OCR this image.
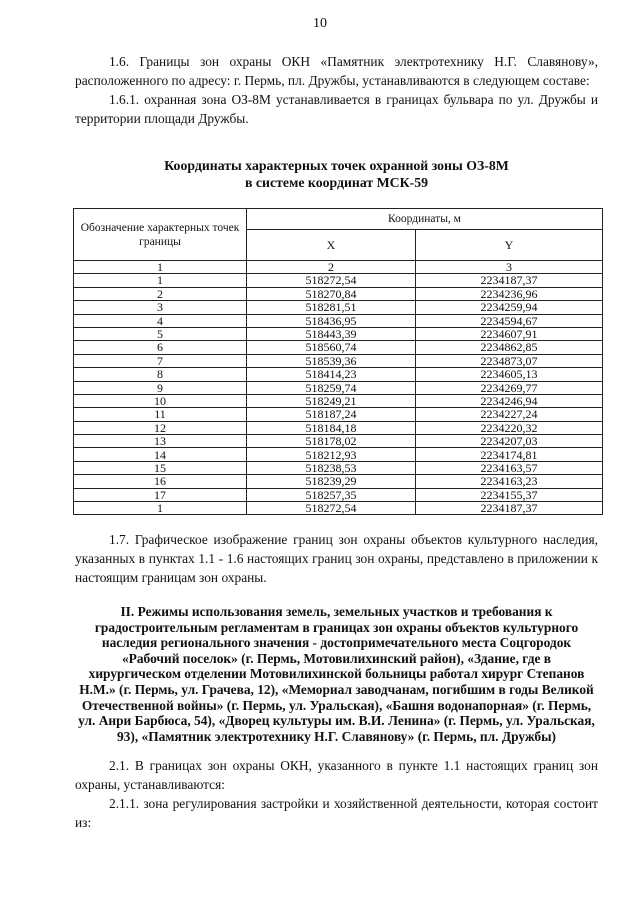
10

1.6. Границы зон охраны ОКН «Памятник электротехнику Н.Г. Славянову», расположенного по адресу: г. Пермь, пл. Дружбы, устанавливаются в следующем составе:

1.6.1. охранная зона ОЗ-8М устанавливается в границах бульвара по ул. Дружбы и территории площади Дружбы.

Координаты характерных точек охранной зоны ОЗ-8М
в системе координат МСК-59
Обозначение характерных точек границы	Координаты, м	
	X	Y
1	2	3
1	518272,54	2234187,37
2	518270,84	2234236,96
3	518281,51	2234259,94
4	518436,95	2234594,67
5	518443,39	2234607,91
6	518560,74	2234862,85
7	518539,36	2234873,07
8	518414,23	2234605,13
9	518259,74	2234269,77
10	518249,21	2234246,94
11	518187,24	2234227,24
12	518184,18	2234220,32
13	518178,02	2234207,03
14	518212,93	2234174,81
15	518238,53	2234163,57
16	518239,29	2234163,23
17	518257,35	2234155,37
1	518272,54	2234187,37

1.7. Графическое изображение границ зон охраны объектов культурного наследия, указанных в пунктах 1.1 - 1.6 настоящих границ зон охраны, представлено в приложении к настоящим границам зон охраны.

II. Режимы использования земель, земельных участков и требования к градостроительным регламентам в границах зон охраны объектов культурного наследия регионального значения - достопримечательного места Соцгородок «Рабочий поселок» (г. Пермь, Мотовилихинский район), «Здание, где в хирургическом отделении Мотовилихинской больницы работал хирург Степанов Н.М.» (г. Пермь, ул. Грачева, 12), «Мемориал заводчанам, погибшим в годы Великой Отечественной войны» (г. Пермь, ул. Уральская), «Башня водонапорная» (г. Пермь, ул. Анри Барбюса, 54), «Дворец культуры им. В.И. Ленина» (г. Пермь, ул. Уральская, 93), «Памятник электротехнику Н.Г. Славянову» (г. Пермь, пл. Дружбы)

2.1. В границах зон охраны ОКН, указанного в пункте 1.1 настоящих границ зон охраны, устанавливаются:

2.1.1. зона регулирования застройки и хозяйственной деятельности, которая состоит из:
